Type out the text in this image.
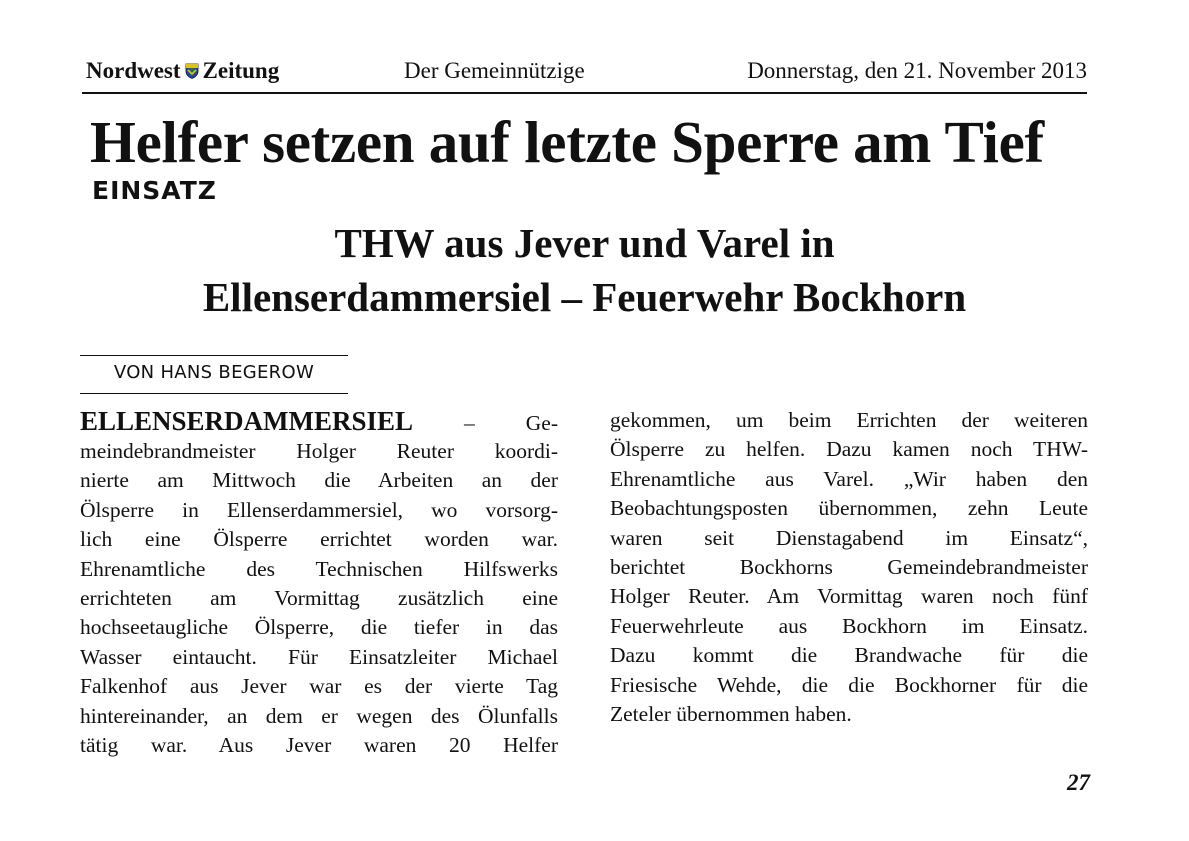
Nordwest Zeitung	Der Gemeinnützige	Donnerstag, den 21. November 2013
Helfer setzen auf letzte Sperre am Tief
EINSATZ
THW aus Jever und Varel in
Ellenserdammersiel – Feuerwehr Bockhorn
VON HANS BEGEROW
ELLENSERDAMMERSIEL – Ge-
meindebrandmeister Holger Reuter koordi-
nierte am Mittwoch die Arbeiten an der
Ölsperre in Ellenserdammersiel, wo vorsorg-
lich eine Ölsperre errichtet worden war.
Ehrenamtliche des Technischen Hilfswerks
errichteten am Vormittag zusätzlich eine
hochseetaugliche Ölsperre, die tiefer in das
Wasser eintaucht. Für Einsatzleiter Michael
Falkenhof aus Jever war es der vierte Tag
hintereinander, an dem er wegen des Ölunfalls
tätig war. Aus Jever waren 20 Helfer
gekommen, um beim Errichten der weiteren
Ölsperre zu helfen. Dazu kamen noch THW-
Ehrenamtliche aus Varel. „Wir haben den
Beobachtungsposten übernommen, zehn Leute
waren seit Dienstagabend im Einsatz“,
berichtet Bockhorns Gemeindebrandmeister
Holger Reuter. Am Vormittag waren noch fünf
Feuerwehrleute aus Bockhorn im Einsatz.
Dazu kommt die Brandwache für die
Friesische Wehde, die die Bockhorner für die
Zeteler übernommen haben.
27
